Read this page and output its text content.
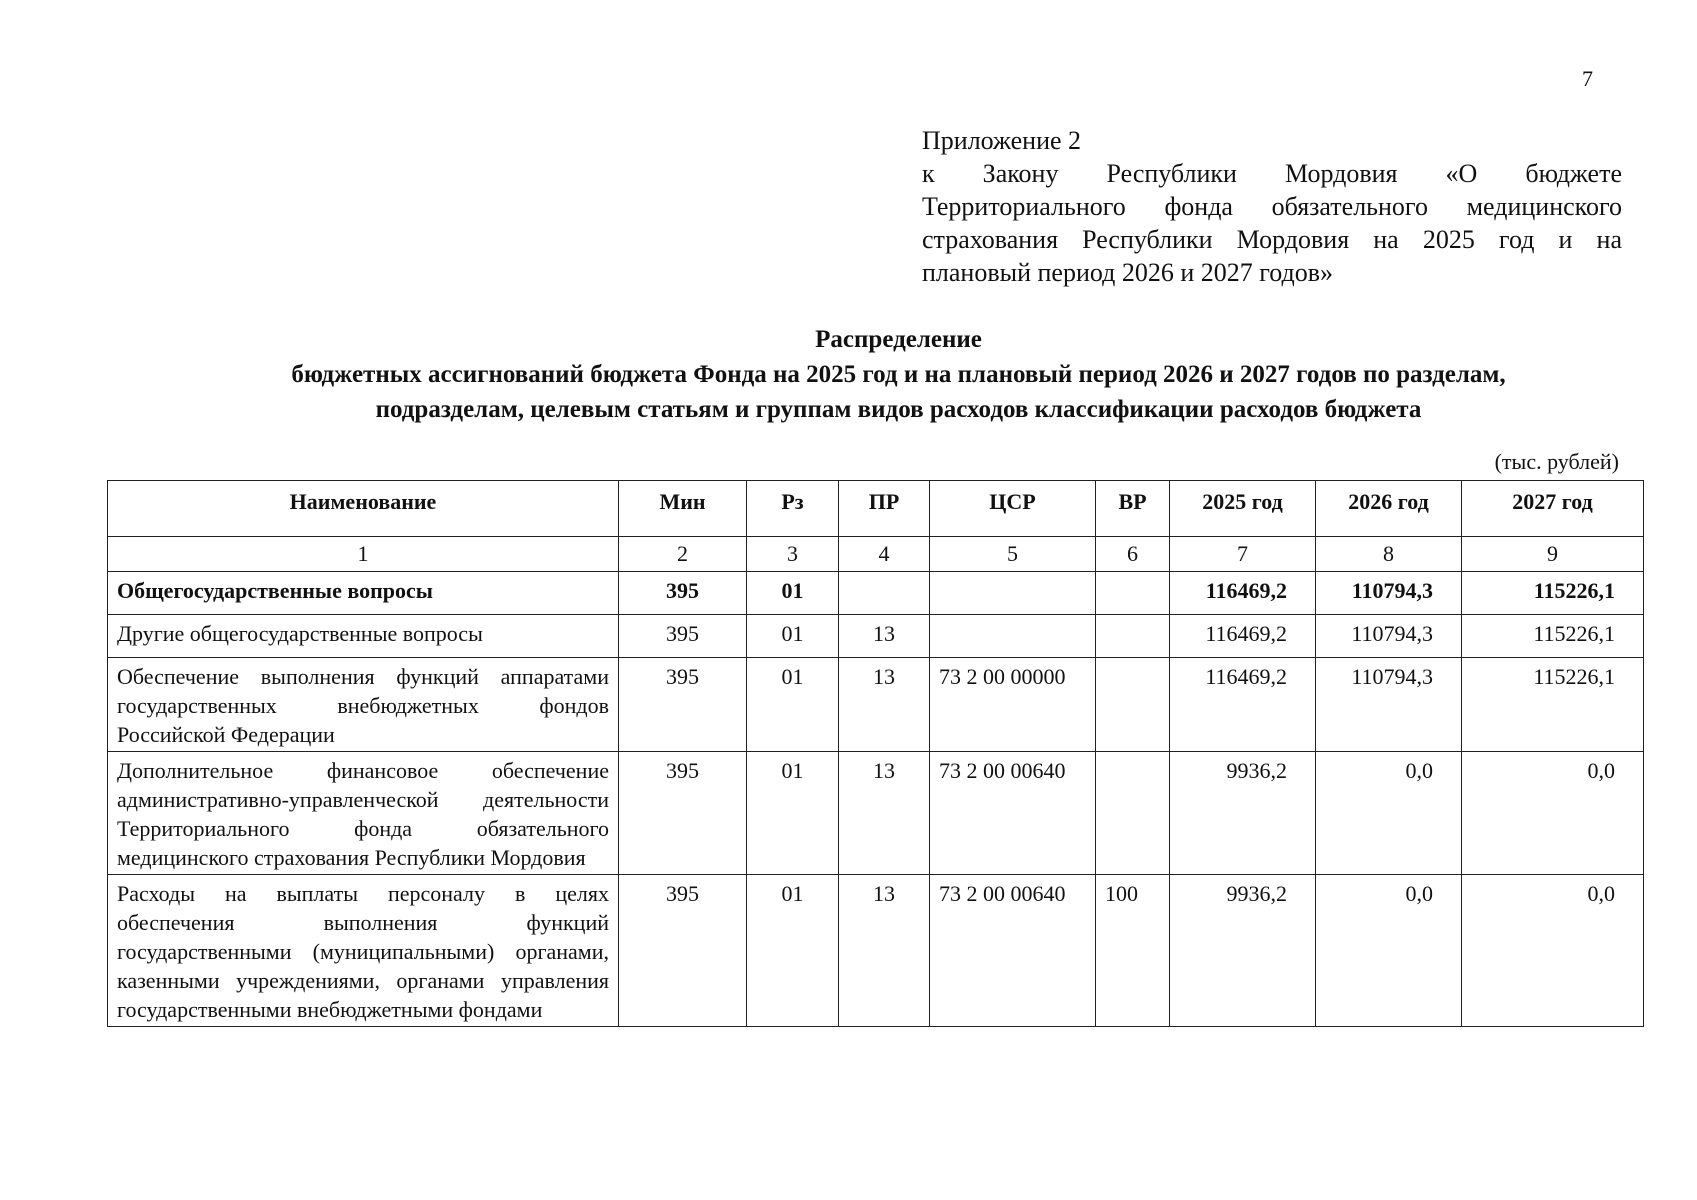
7
Приложение 2
к Закону Республики Мордовия «О бюджете
Территориального фонда обязательного медицинского
страхования Республики Мордовия на 2025 год и на
плановый период 2026 и 2027 годов»
Распределение
бюджетных ассигнований бюджета Фонда на 2025 год и на плановый период 2026 и 2027 годов по разделам,
подразделам, целевым статьям и группам видов расходов классификации расходов бюджета
(тыс. рублей)
Наименование	Мин	Рз	ПР	ЦСР	ВР	2025 год	2026 год	2027 год
1	2	3	4	5	6	7	8	9
Общегосударственные вопросы	395	01				116469,2	110794,3	115226,1
Другие общегосударственные вопросы	395	01	13			116469,2	110794,3	115226,1
Обеспечение выполнения функций аппаратами государственных внебюджетных фондов Российской Федерации	395	01	13	73 2 00 00000		116469,2	110794,3	115226,1
Дополнительное финансовое обеспечение административно-управленческой деятельности Территориального фонда обязательного медицинского страхования Республики Мордовия	395	01	13	73 2 00 00640		9936,2	0,0	0,0
Расходы на выплаты персоналу в целях обеспечения выполнения функций государственными (муниципальными) органами, казенными учреждениями, органами управления государственными внебюджетными фондами	395	01	13	73 2 00 00640	100	9936,2	0,0	0,0
